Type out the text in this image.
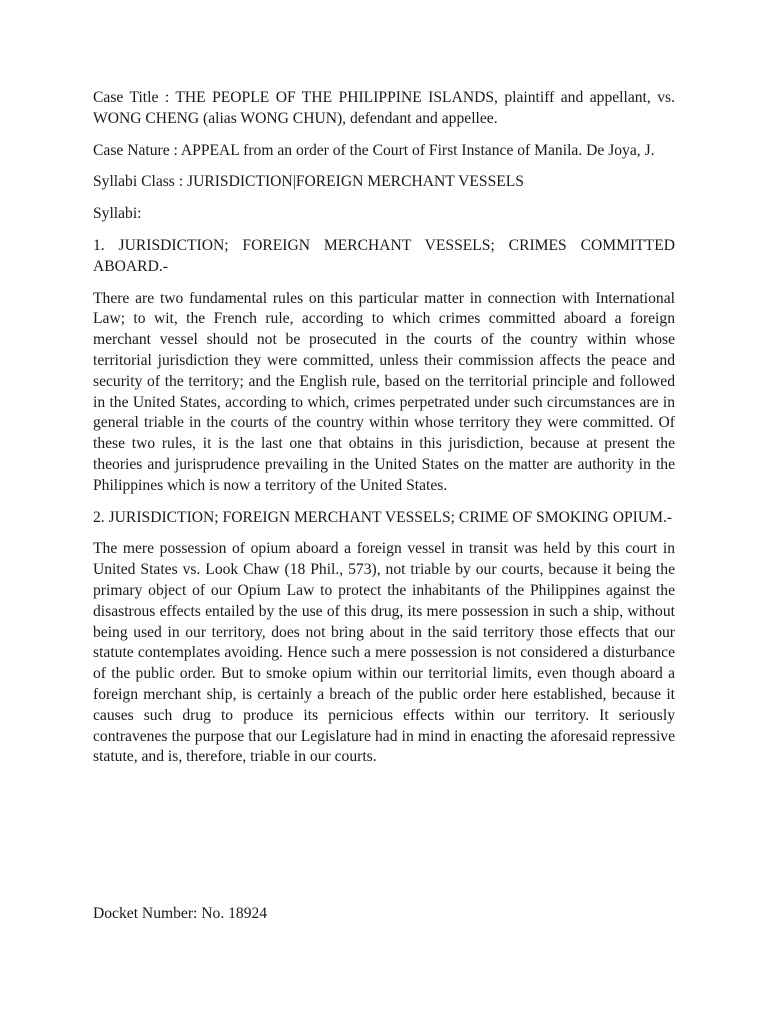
Case Title : THE PEOPLE OF THE PHILIPPINE ISLANDS, plaintiff and appellant, vs. WONG CHENG (alias WONG CHUN), defendant and appellee.

Case Nature : APPEAL from an order of the Court of First Instance of Manila. De Joya, J.

Syllabi Class : JURISDICTION|FOREIGN MERCHANT VESSELS

Syllabi:

1. JURISDICTION; FOREIGN MERCHANT VESSELS; CRIMES COMMITTED ABOARD.-

There are two fundamental rules on this particular matter in connection with International Law; to wit, the French rule, according to which crimes committed aboard a foreign merchant vessel should not be prosecuted in the courts of the country within whose territorial jurisdiction they were committed, unless their commission affects the peace and security of the territory; and the English rule, based on the territorial principle and followed in the United States, according to which, crimes perpetrated under such circumstances are in general triable in the courts of the country within whose territory they were committed. Of these two rules, it is the last one that obtains in this jurisdiction, because at present the theories and jurisprudence prevailing in the United States on the matter are authority in the Philippines which is now a territory of the United States.

2. JURISDICTION; FOREIGN MERCHANT VESSELS; CRIME OF SMOKING OPIUM.-

The mere possession of opium aboard a foreign vessel in transit was held by this court in United States vs. Look Chaw (18 Phil., 573), not triable by our courts, because it being the primary object of our Opium Law to protect the inhabitants of the Philippines against the disastrous effects entailed by the use of this drug, its mere possession in such a ship, without being used in our territory, does not bring about in the said territory those effects that our statute contemplates avoiding. Hence such a mere possession is not considered a disturbance of the public order. But to smoke opium within our territorial limits, even though aboard a foreign merchant ship, is certainly a breach of the public order here established, because it causes such drug to produce its pernicious effects within our territory. It seriously contravenes the purpose that our Legislature had in mind in enacting the aforesaid repressive statute, and is, therefore, triable in our courts.

Docket Number: No. 18924
